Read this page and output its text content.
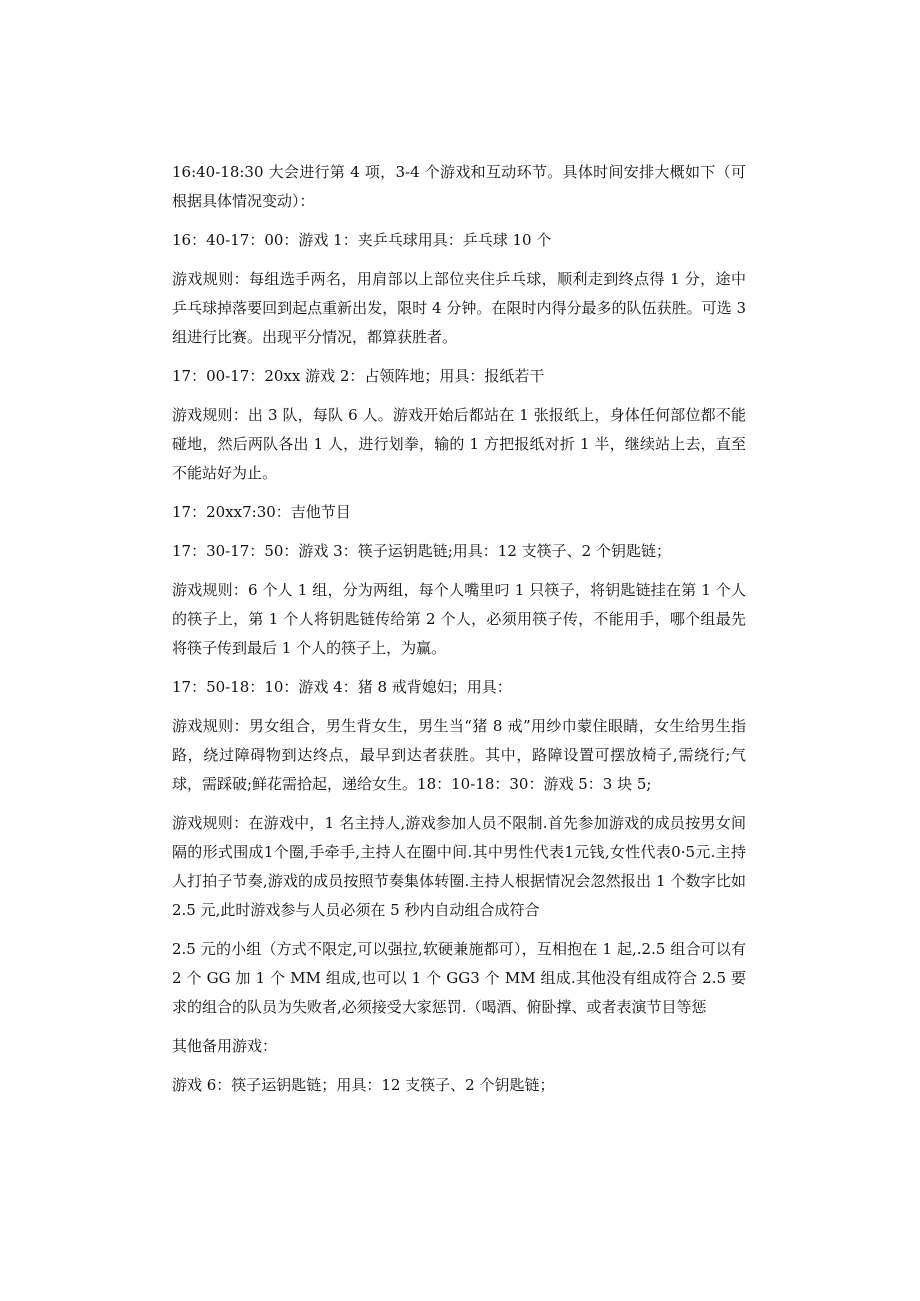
16:40-18:30 大会进行第 4 项，3-4 个游戏和互动环节。具体时间安排大概如下（可根据具体情况变动）：

16：40-17：00：游戏 1：夹乒乓球用具：乒乓球 10 个

游戏规则：每组选手两名，用肩部以上部位夹住乒乓球，顺利走到终点得 1 分，途中乒乓球掉落要回到起点重新出发，限时 4 分钟。在限时内得分最多的队伍获胜。可选 3 组进行比赛。出现平分情况，都算获胜者。

17：00-17：20xx 游戏 2：占领阵地；用具：报纸若干

游戏规则：出 3 队，每队 6 人。游戏开始后都站在 1 张报纸上，身体任何部位都不能碰地，然后两队各出 1 人，进行划拳，输的 1 方把报纸对折 1 半，继续站上去，直至不能站好为止。

17：20xx7:30：吉他节目

17：30-17：50：游戏 3：筷子运钥匙链;用具：12 支筷子、2 个钥匙链；

游戏规则：6 个人 1 组，分为两组，每个人嘴里叼 1 只筷子，将钥匙链挂在第 1 个人的筷子上，第 1 个人将钥匙链传给第 2 个人，必须用筷子传，不能用手，哪个组最先将筷子传到最后 1 个人的筷子上，为赢。

17：50-18：10：游戏 4：猪 8 戒背媳妇；用具：

游戏规则：男女组合，男生背女生，男生当“猪 8 戒”用纱巾蒙住眼睛，女生给男生指路，绕过障碍物到达终点，最早到达者获胜。其中，路障设置可摆放椅子,需绕行;气球，需踩破;鲜花需拾起，递给女生。18：10-18：30：游戏 5：3 块 5;

游戏规则：在游戏中，1 名主持人,游戏参加人员不限制.首先参加游戏的成员按男女间隔的形式围成1个圈,手牵手,主持人在圈中间.其中男性代表1元钱,女性代表0·5元.主持人打拍子节奏,游戏的成员按照节奏集体转圈.主持人根据情况会忽然报出 1 个数字比如 2.5 元,此时游戏参与人员必须在 5 秒内自动组合成符合

2.5 元的小组（方式不限定,可以强拉,软硬兼施都可），互相抱在 1 起,.2.5 组合可以有 2 个 GG 加 1 个 MM 组成,也可以 1 个 GG3 个 MM 组成.其他没有组成符合 2.5 要求的组合的队员为失败者,必须接受大家惩罚.（喝酒、俯卧撑、或者表演节目等惩

其他备用游戏：

游戏 6：筷子运钥匙链；用具：12 支筷子、2 个钥匙链；
